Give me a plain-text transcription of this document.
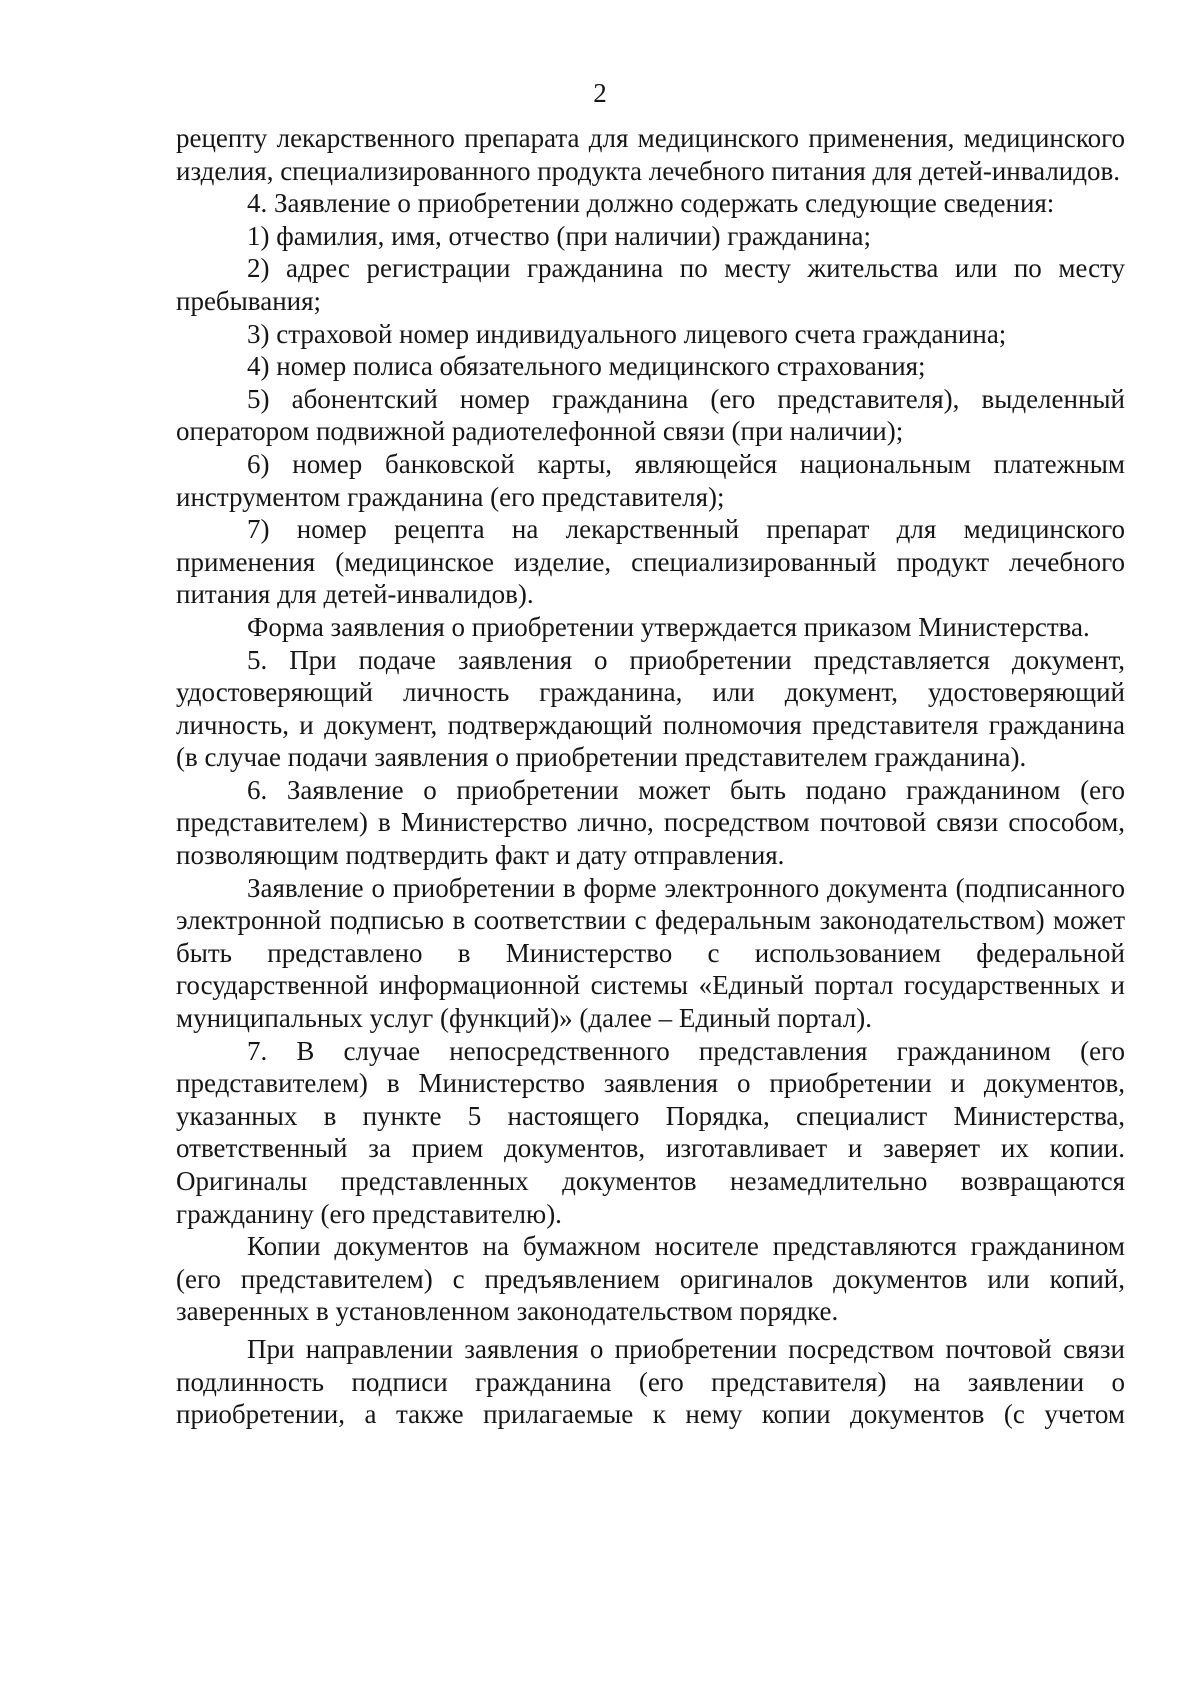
2

рецепту лекарственного препарата для медицинского применения, медицинского изделия, специализированного продукта лечебного питания для детей-инвалидов.

4. Заявление о приобретении должно содержать следующие сведения:

1) фамилия, имя, отчество (при наличии) гражданина;

2) адрес регистрации гражданина по месту жительства или по месту пребывания;

3) страховой номер индивидуального лицевого счета гражданина;

4) номер полиса обязательного медицинского страхования;

5) абонентский номер гражданина (его представителя), выделенный оператором подвижной радиотелефонной связи (при наличии);

6) номер банковской карты, являющейся национальным платежным инструментом гражданина (его представителя);

7) номер рецепта на лекарственный препарат для медицинского применения (медицинское изделие, специализированный продукт лечебного питания для детей-инвалидов).

Форма заявления о приобретении утверждается приказом Министерства.

5. При подаче заявления о приобретении представляется документ, удостоверяющий личность гражданина, или документ, удостоверяющий личность, и документ, подтверждающий полномочия представителя гражданина (в случае подачи заявления о приобретении представителем гражданина).

6. Заявление о приобретении может быть подано гражданином (его представителем) в Министерство лично, посредством почтовой связи способом, позволяющим подтвердить факт и дату отправления.

Заявление о приобретении в форме электронного документа (подписанного электронной подписью в соответствии с федеральным законодательством) может быть представлено в Министерство с использованием федеральной государственной информационной системы «Единый портал государственных и муниципальных услуг (функций)» (далее – Единый портал).

7. В случае непосредственного представления гражданином (его представителем) в Министерство заявления о приобретении и документов, указанных в пункте 5 настоящего Порядка, специалист Министерства, ответственный за прием документов, изготавливает и заверяет их копии. Оригиналы представленных документов незамедлительно возвращаются гражданину (его представителю).

Копии документов на бумажном носителе представляются гражданином (его представителем) с предъявлением оригиналов документов или копий, заверенных в установленном законодательством порядке.

При направлении заявления о приобретении посредством почтовой связи подлинность подписи гражданина (его представителя) на заявлении о приобретении, а также прилагаемые к нему копии документов (с учетом
